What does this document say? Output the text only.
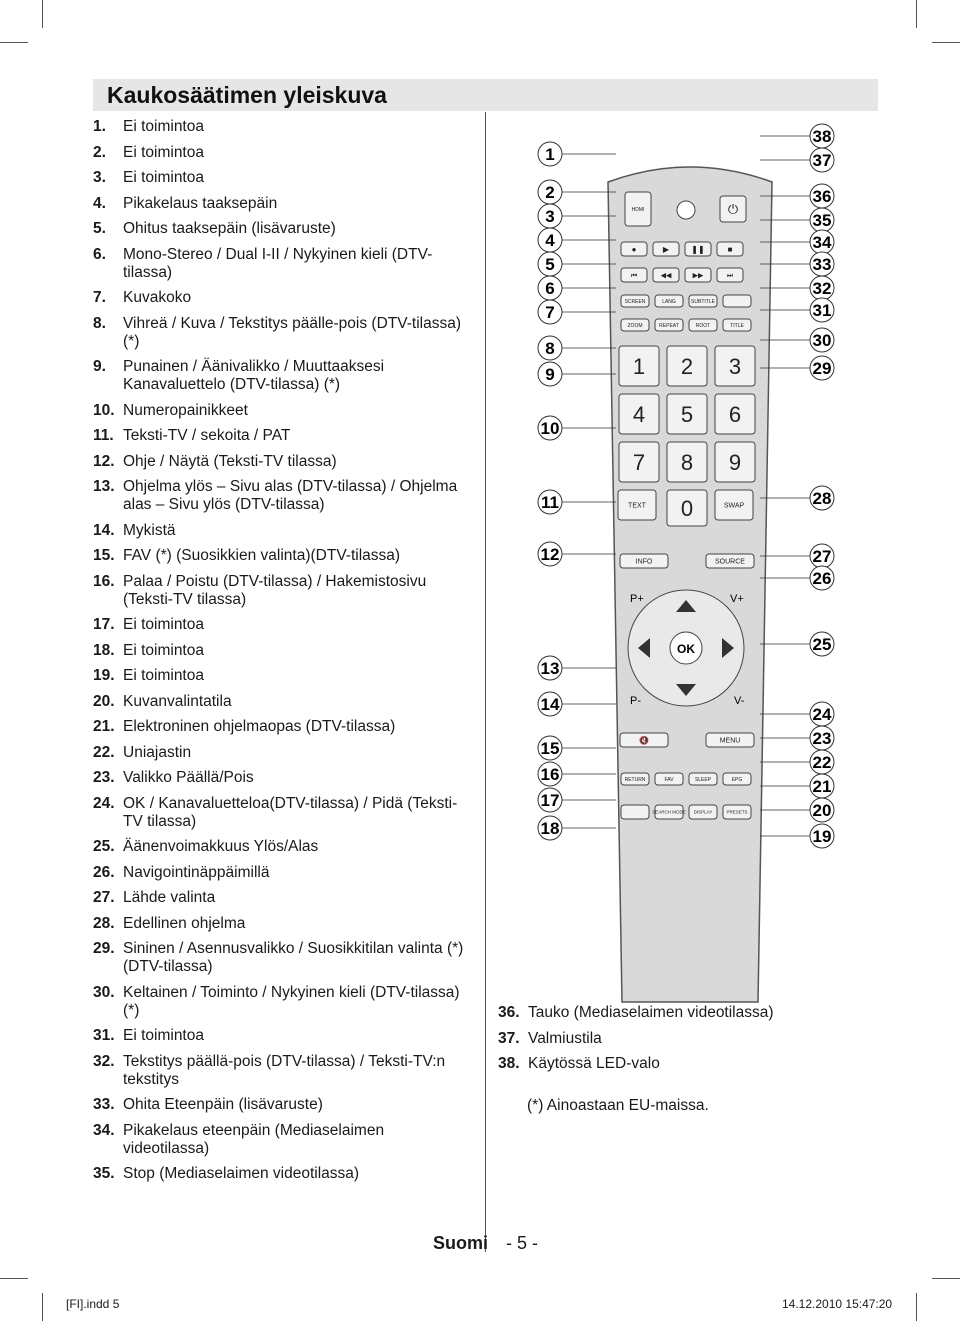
Kaukosäätimen yleiskuva
1. Ei toimintoa
2. Ei toimintoa
3. Ei toimintoa
4. Pikakelaus taaksepäin
5. Ohitus taaksepäin (lisävaruste)
6. Mono-Stereo / Dual I-II / Nykyinen kieli (DTV-tilassa)
7. Kuvakoko
8. Vihreä / Kuva / Tekstitys päälle-pois (DTV-tilassa) (*)
9. Punainen / Äänivalikko / Muuttaaksesi Kanavaluettelo (DTV-tilassa) (*)
10. Numeropainikkeet
11. Teksti-TV / sekoita / PAT
12. Ohje / Näytä (Teksti-TV tilassa)
13. Ohjelma ylös – Sivu alas (DTV-tilassa) / Ohjelma alas – Sivu ylös (DTV-tilassa)
14. Mykistä
15. FAV (*) (Suosikkien valinta)(DTV-tilassa)
16. Palaa / Poistu (DTV-tilassa) / Hakemistosivu (Teksti-TV tilassa)
17. Ei toimintoa
18. Ei toimintoa
19. Ei toimintoa
20. Kuvanvalintatila
21. Elektroninen ohjelmaopas (DTV-tilassa)
22. Uniajastin
23. Valikko Päällä/Pois
24. OK / Kanavaluetteloa(DTV-tilassa) / Pidä (Teksti-TV tilassa)
25. Äänenvoimakkuus Ylös/Alas
26. Navigointinäppäimillä
27. Lähde valinta
28. Edellinen ohjelma
29. Sininen / Asennusvalikko / Suosikkitilan valinta (*) (DTV-tilassa)
30. Keltainen / Toiminto / Nykyinen kieli (DTV-tilassa) (*)
31. Ei toimintoa
32. Tekstitys päällä-pois (DTV-tilassa) / Teksti-TV:n tekstitys
33. Ohita Eteenpäin (lisävaruste)
34. Pikakelaus eteenpäin (Mediaselaimen videotilassa)
35. Stop (Mediaselaimen videotilassa)
36. Tauko (Mediaselaimen videotilassa)
37. Valmiustila
38. Käytössä LED-valo
(*) Ainoastaan EU-maissa.
HDMI	⏻
●	▶	❚❚	■
⏮	◀◀	▶▶	⏭
SCREEN	LANG	SUBTITLE
ZOOM	REPEAT	ROOT	TITLE
1 2 3
4 5 6
7 8 9
TEXT 0	SWAP
INFO	SOURCE
P+	V+
P-	V-
OK
🔇	MENU
RETURN	FAV	SLEEP	EPG
SEARCH MODE DISPLAY	PRESETS
1
2
3
4
5
6
7
8
9
10
11
12
13
14
15
16
17
18
38
37
36
35
34
33
32
31
30
29
28
27
26
25
24
23
22
21
20
19
Suomi - 5 -
[FI].indd 5	14.12.2010 15:47:20
